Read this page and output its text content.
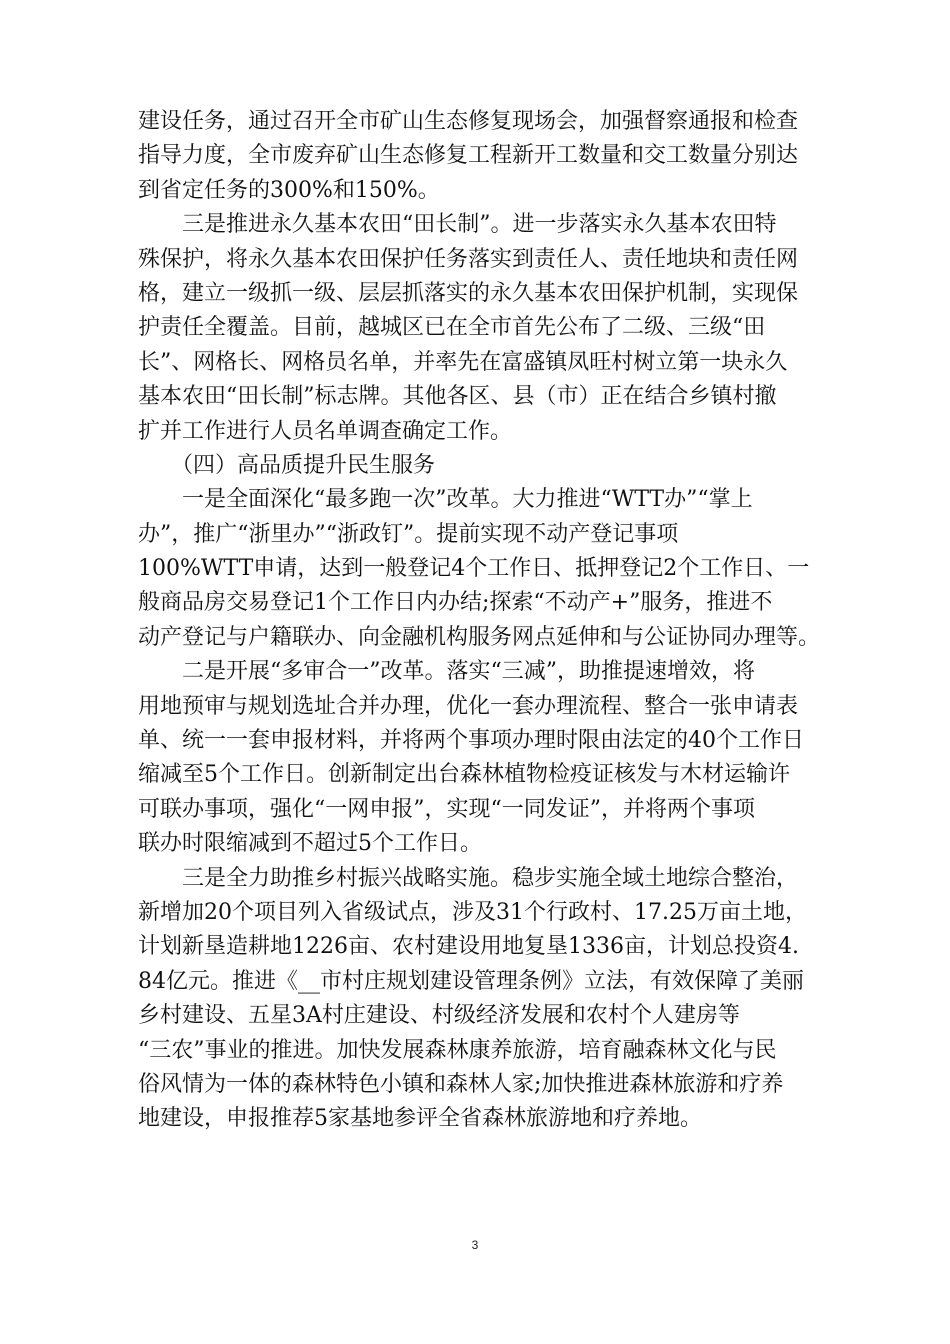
建设任务，通过召开全市矿山生态修复现场会，加强督察通报和检查
指导力度，全市废弃矿山生态修复工程新开工数量和交工数量分别达
到省定任务的300%和150%。
　　三是推进永久基本农田“田长制”。进一步落实永久基本农田特
殊保护，将永久基本农田保护任务落实到责任人、责任地块和责任网
格，建立一级抓一级、层层抓落实的永久基本农田保护机制，实现保
护责任全覆盖。目前，越城区已在全市首先公布了二级、三级“田
长”、网格长、网格员名单，并率先在富盛镇凤旺村树立第一块永久
基本农田“田长制”标志牌。其他各区、县（市）正在结合乡镇村撤
扩并工作进行人员名单调查确定工作。
　　（四）高品质提升民生服务
　　一是全面深化“最多跑一次”改革。大力推进“WTT办”“掌上
办”，推广“浙里办”“浙政钉”。提前实现不动产登记事项
100%WTT申请，达到一般登记4个工作日、抵押登记2个工作日、一
般商品房交易登记1个工作日内办结;探索“不动产+”服务，推进不
动产登记与户籍联办、向金融机构服务网点延伸和与公证协同办理等。
　　二是开展“多审合一”改革。落实“三减”，助推提速增效，将
用地预审与规划选址合并办理，优化一套办理流程、整合一张申请表
单、统一一套申报材料，并将两个事项办理时限由法定的40个工作日
缩减至5个工作日。创新制定出台森林植物检疫证核发与木材运输许
可联办事项，强化“一网申报”，实现“一同发证”，并将两个事项
联办时限缩减到不超过5个工作日。
　　三是全力助推乡村振兴战略实施。稳步实施全域土地综合整治，
新增加20个项目列入省级试点，涉及31个行政村、17.25万亩土地，
计划新垦造耕地1226亩、农村建设用地复垦1336亩，计划总投资4.
84亿元。推进《__市村庄规划建设管理条例》立法，有效保障了美丽
乡村建设、五星3A村庄建设、村级经济发展和农村个人建房等
“三农”事业的推进。加快发展森林康养旅游，培育融森林文化与民
俗风情为一体的森林特色小镇和森林人家;加快推进森林旅游和疗养
地建设，申报推荐5家基地参评全省森林旅游地和疗养地。
3
